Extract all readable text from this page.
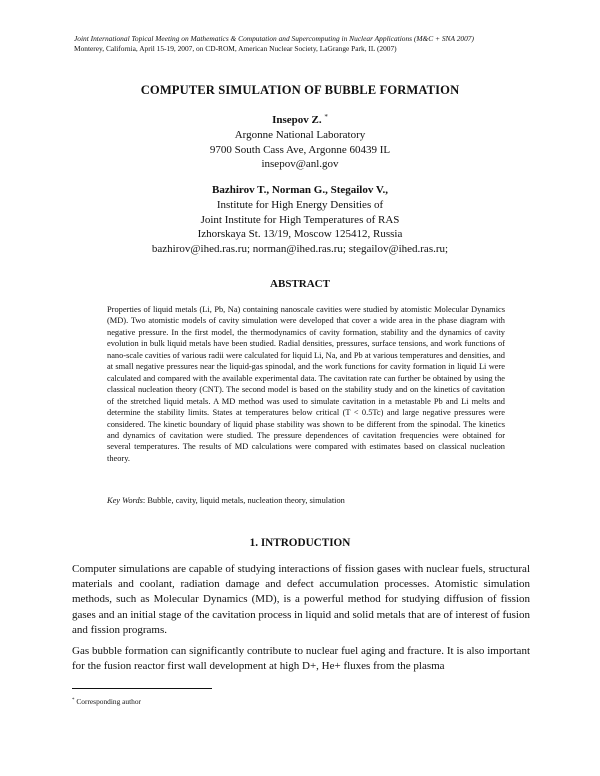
Joint International Topical Meeting on Mathematics & Computation and Supercomputing in Nuclear Applications (M&C + SNA 2007)
Monterey, California, April 15-19, 2007, on CD-ROM, American Nuclear Society, LaGrange Park, IL (2007)
COMPUTER SIMULATION OF BUBBLE FORMATION
Insepov Z. *
Argonne National Laboratory
9700 South Cass Ave, Argonne 60439 IL
insepov@anl.gov
Bazhirov T., Norman G., Stegailov V.,
Institute for High Energy Densities of
Joint Institute for High Temperatures of RAS
Izhorskaya St. 13/19, Moscow 125412, Russia
bazhirov@ihed.ras.ru; norman@ihed.ras.ru; stegailov@ihed.ras.ru;
ABSTRACT
Properties of liquid metals (Li, Pb, Na) containing nanoscale cavities were studied by atomistic Molecular Dynamics (MD). Two atomistic models of cavity simulation were developed that cover a wide area in the phase diagram with negative pressure. In the first model, the thermodynamics of cavity formation, stability and the dynamics of cavity evolution in bulk liquid metals have been studied. Radial densities, pressures, surface tensions, and work functions of nano-scale cavities of various radii were calculated for liquid Li, Na, and Pb at various temperatures and densities, and at small negative pressures near the liquid-gas spinodal, and the work functions for cavity formation in liquid Li were calculated and compared with the available experimental data. The cavitation rate can further be obtained by using the classical nucleation theory (CNT). The second model is based on the stability study and on the kinetics of cavitation of the stretched liquid metals. A MD method was used to simulate cavitation in a metastable Pb and Li melts and determine the stability limits. States at temperatures below critical (T < 0.5Tc) and large negative pressures were considered. The kinetic boundary of liquid phase stability was shown to be different from the spinodal. The kinetics and dynamics of cavitation were studied. The pressure dependences of cavitation frequencies were obtained for several temperatures. The results of MD calculations were compared with estimates based on classical nucleation theory.
Key Words: Bubble, cavity, liquid metals, nucleation theory, simulation
1. INTRODUCTION
Computer simulations are capable of studying interactions of fission gases with nuclear fuels, structural materials and coolant, radiation damage and defect accumulation processes. Atomistic simulation methods, such as Molecular Dynamics (MD), is a powerful method for studying diffusion of fission gases and an initial stage of the cavitation process in liquid and solid metals that are of interest of fusion and fission programs.
Gas bubble formation can significantly contribute to nuclear fuel aging and fracture. It is also important for the fusion reactor first wall development at high D+, He+ fluxes from the plasma
* Corresponding author
